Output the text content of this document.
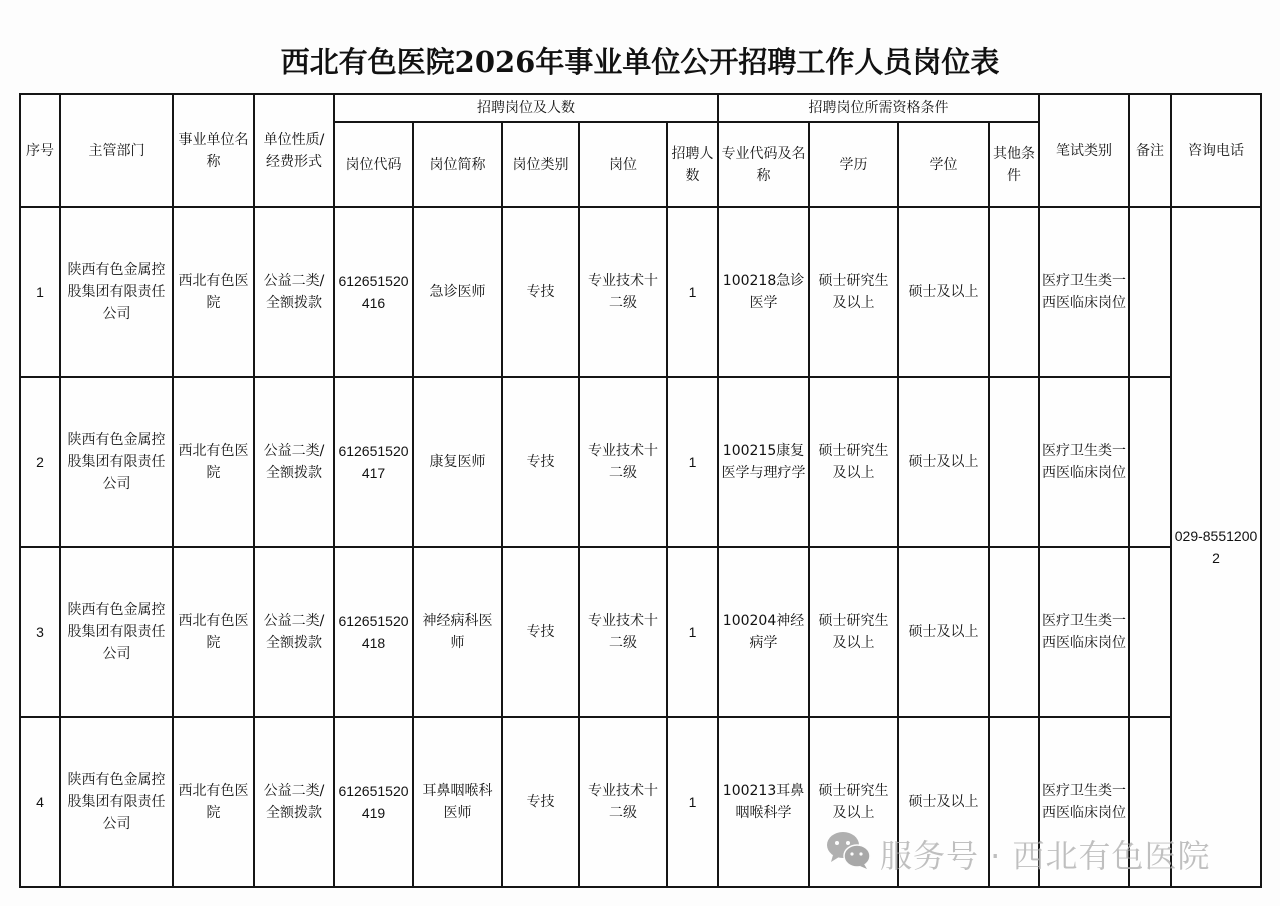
西北有色医院2026年事业单位公开招聘工作人员岗位表
序号	主管部门	事业单位名称	单位性质/经费形式	招聘岗位及人数					招聘岗位所需资格条件				笔试类别	备注	咨询电话
				岗位代码	岗位简称	岗位类别	岗位	招聘人数	专业代码及名称	学历	学位	其他条件			
1	陕西有色金属控股集团有限责任公司	西北有色医院	公益二类/全额拨款	612651520416	急诊医师	专技	专业技术十二级	1	100218急诊医学	硕士研究生及以上	硕士及以上		医疗卫生类一西医临床岗位		029-85512002
2	陕西有色金属控股集团有限责任公司	西北有色医院	公益二类/全额拨款	612651520417	康复医师	专技	专业技术十二级	1	100215康复医学与理疗学	硕士研究生及以上	硕士及以上		医疗卫生类一西医临床岗位		
3	陕西有色金属控股集团有限责任公司	西北有色医院	公益二类/全额拨款	612651520418	神经病科医师	专技	专业技术十二级	1	100204神经病学	硕士研究生及以上	硕士及以上		医疗卫生类一西医临床岗位		
4	陕西有色金属控股集团有限责任公司	西北有色医院	公益二类/全额拨款	612651520419	耳鼻咽喉科医师	专技	专业技术十二级	1	100213耳鼻咽喉科学	硕士研究生及以上	硕士及以上		医疗卫生类一西医临床岗位		
服务号 · 西北有色医院
